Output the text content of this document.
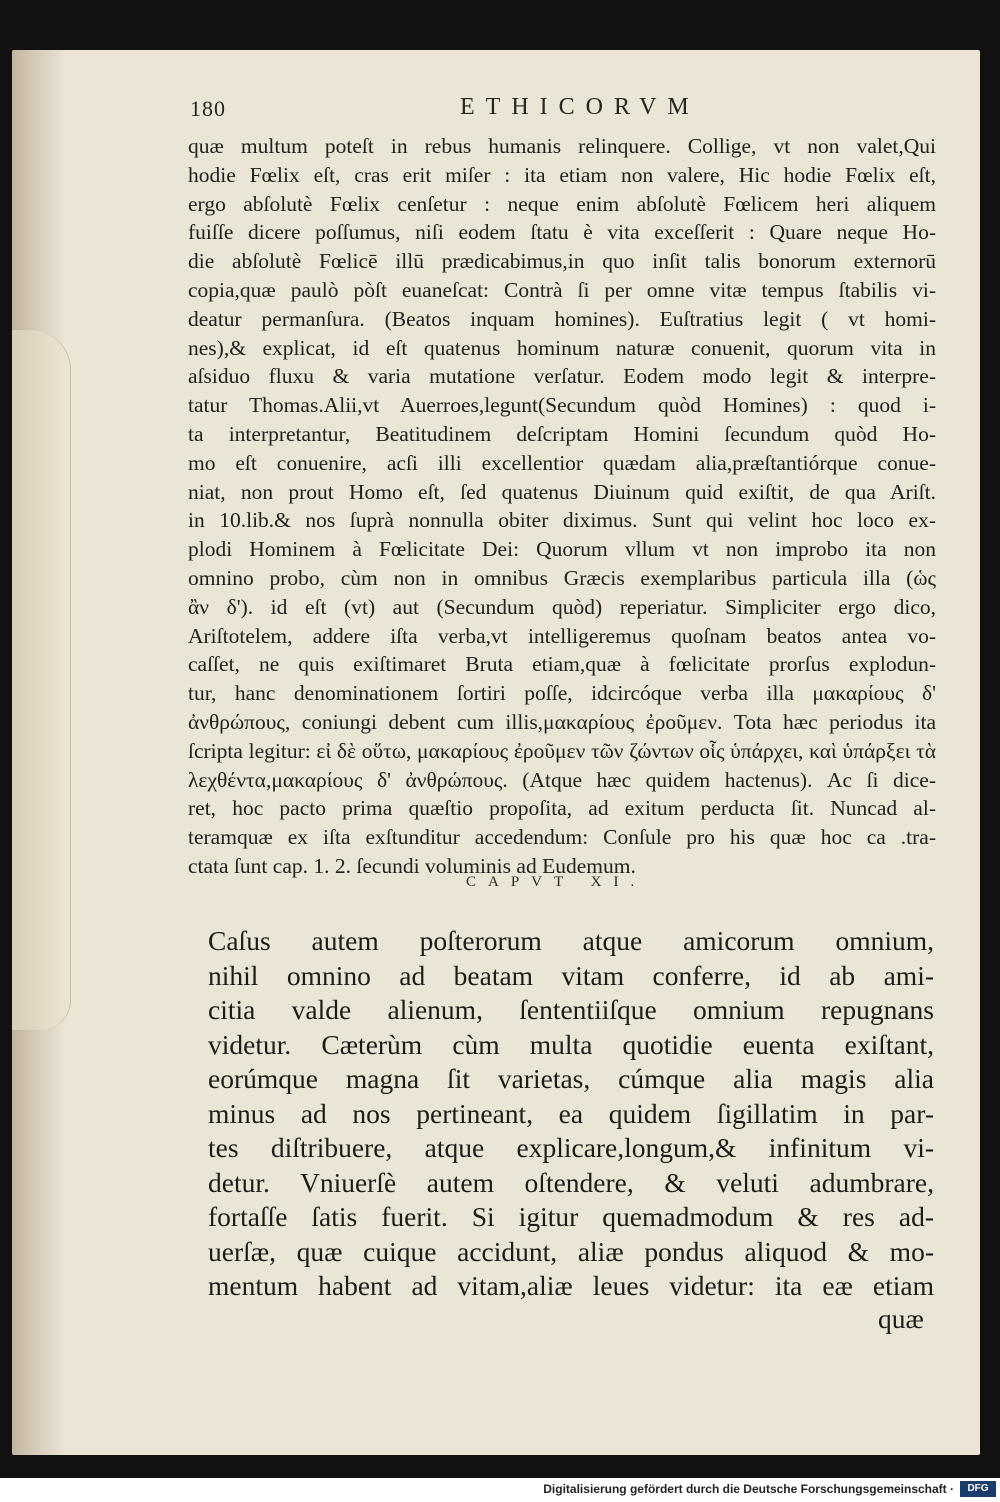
180	ETHICORVM
quæ multum poteſt in rebus humanis relinquere. Collige, vt non valet,Qui
hodie Fœlix eſt, cras erit miſer : ita etiam non valere, Hic hodie Fœlix eſt,
ergo abſolutè Fœlix cenſetur : neque enim abſolutè Fœlicem heri aliquem
fuiſſe dicere poſſumus, niſi eodem ſtatu è vita exceſſerit : Quare neque Ho-
die abſolutè Fœlicē illū prædicabimus,in quo inſit talis bonorum externorū
copia,quæ paulò pòſt euaneſcat: Contrà ſi per omne vitæ tempus ſtabilis vi-
deatur permanſura. (Beatos inquam homines). Euſtratius legit ( vt homi-
nes),& explicat, id eſt quatenus hominum naturæ conuenit, quorum vita in
aſsiduo fluxu & varia mutatione verſatur. Eodem modo legit & interpre-
tatur Thomas.Alii,vt Auerroes,legunt(Secundum quòd Homines) : quod i-
ta interpretantur, Beatitudinem deſcriptam Homini ſecundum quòd Ho-
mo eſt conuenire, acſi illi excellentior quædam alia,præſtantiórque conue-
niat, non prout Homo eſt, ſed quatenus Diuinum quid exiſtit, de qua Ariſt.
in 10.lib.& nos ſuprà nonnulla obiter diximus. Sunt qui velint hoc loco ex-
plodi Hominem à Fœlicitate Dei: Quorum vllum vt non improbo ita non
omnino probo, cùm non in omnibus Græcis exemplaribus particula illa (ὡς
ἂν δ'). id eſt (vt) aut (Secundum quòd) reperiatur. Simpliciter ergo dico,
Ariſtotelem, addere iſta verba,vt intelligeremus quoſnam beatos antea vo-
caſſet, ne quis exiſtimaret Bruta etiam,quæ à fœlicitate prorſus explodun-
tur, hanc denominationem ſortiri poſſe, idcircóque verba illa μακαρίους δ'
ἀνθρώπους, coniungi debent cum illis,μακαρίους ἐροῦμεν. Tota hæc periodus ita
ſcripta legitur: εἰ δὲ οὕτω, μακαρίους ἐροῦμεν τῶν ζώντων οἷς ὑπάρχει, καὶ ὑπάρξει τὰ
λεχθέντα,μακαρίους δ' ἀνθρώπους. (Atque hæc quidem hactenus). Ac ſi dice-
ret, hoc pacto prima quæſtio propoſita, ad exitum perducta ſit. Nuncad al-
teramquæ ex iſta exſtunditur accedendum: Conſule pro his quæ hoc ca .tra-
ctata ſunt cap. 1. 2. ſecundi voluminis ad Eudemum.
CAPVT XI.
Caſus autem poſterorum atque amicorum omnium,
nihil omnino ad beatam vitam conferre, id ab ami-
citia valde alienum, ſententiiſque omnium repugnans
videtur. Cæterùm cùm multa quotidie euenta exiſtant,
eorúmque magna ſit varietas, cúmque alia magis alia
minus ad nos pertineant, ea quidem ſigillatim in par-
tes diſtribuere, atque explicare,longum,& infinitum vi-
detur. Vniuerſè autem oſtendere, & veluti adumbrare,
fortaſſe ſatis fuerit. Si igitur quemadmodum & res ad-
uerſæ, quæ cuique accidunt, aliæ pondus aliquod & mo-
mentum habent ad vitam,aliæ leues videtur: ita eæ etiam
quæ
Digitalisierung gefördert durch die Deutsche Forschungsgemeinschaft ·	DFG
